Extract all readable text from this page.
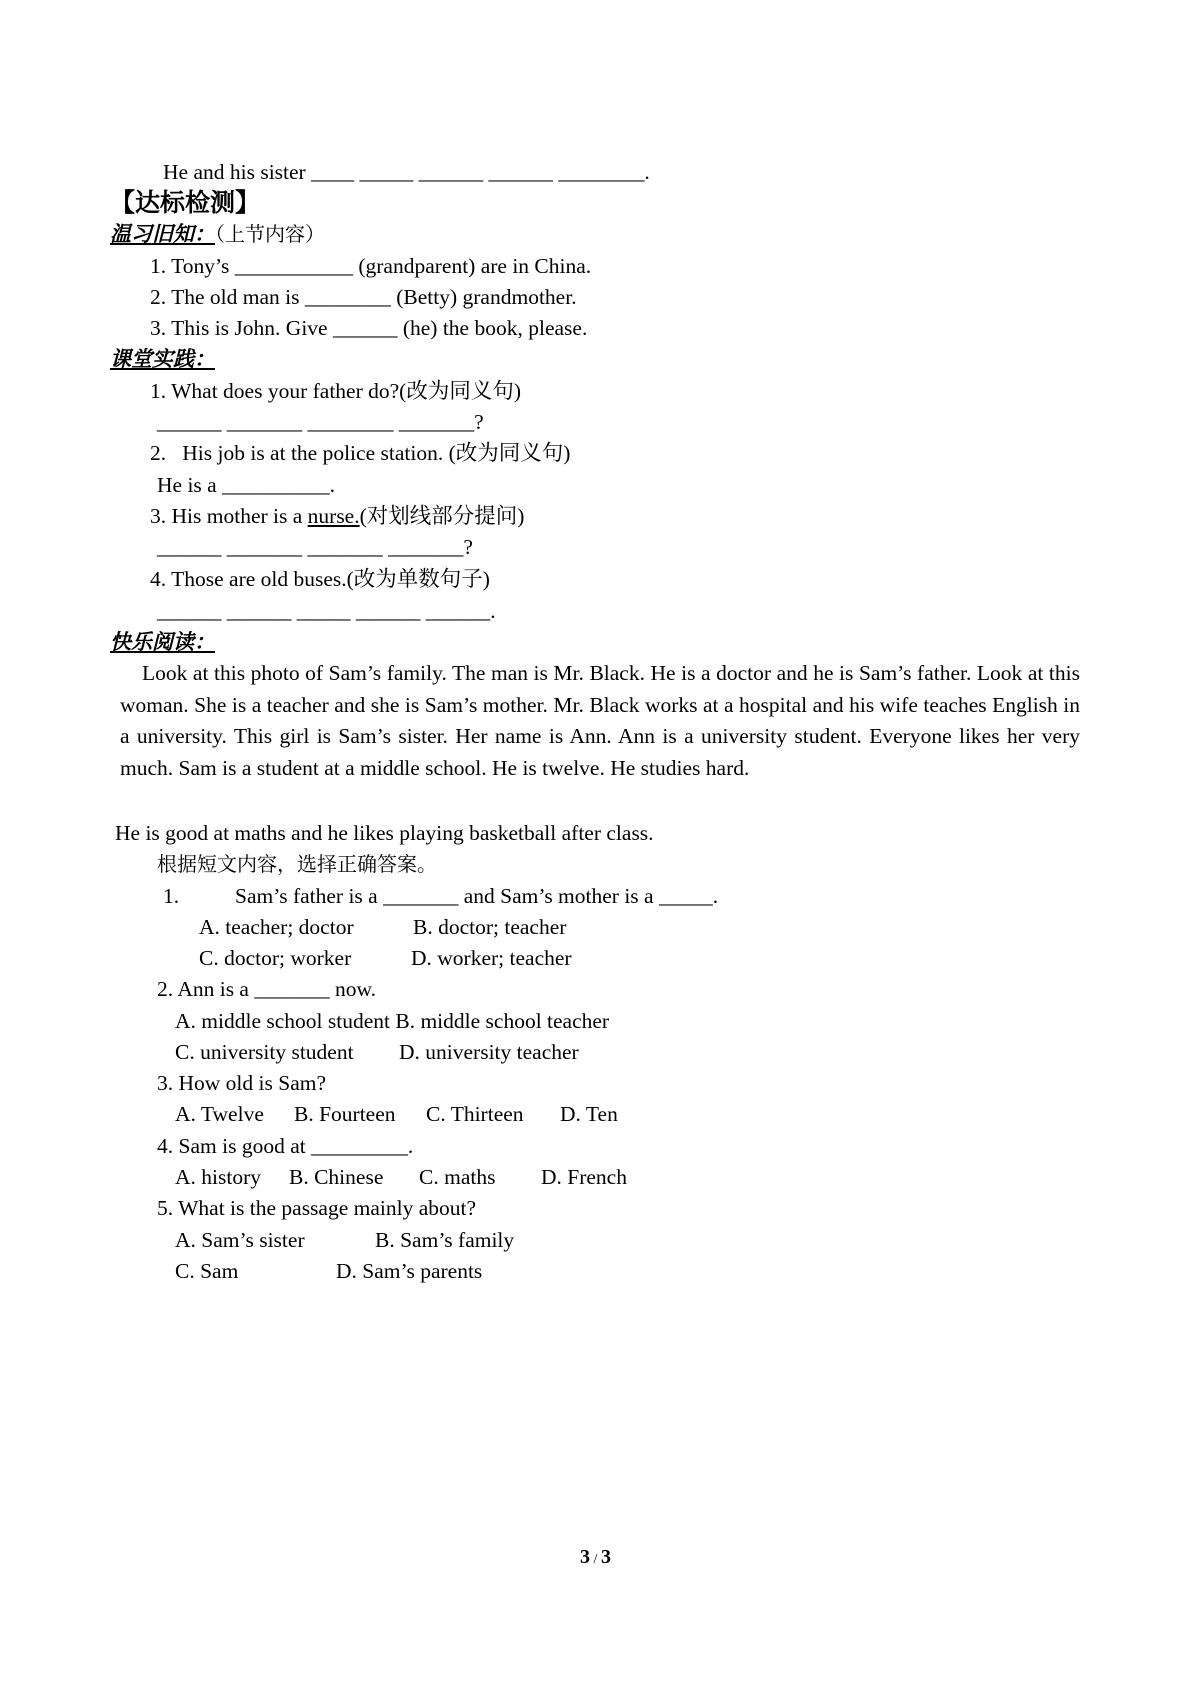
He and his sister ____ _____ ______ ______ ________.
【达标检测】
温习旧知：（上节内容）
1. Tony’s ___________ (grandparent) are in China.
2. The old man is ________ (Betty) grandmother.
3. This is John. Give ______ (he) the book, please.
课堂实践：
1. What does your father do?(改为同义句)
______ _______ ________ _______?
2.   His job is at the police station. (改为同义句)
He is a __________.
3. His mother is a nurse.(对划线部分提问)
______ _______ _______ _______?
4. Those are old buses.(改为单数句子)
______ ______ _____ ______ ______.
快乐阅读：
Look at this photo of Sam’s family. The man is Mr. Black. He is a doctor and he is Sam’s father. Look at this woman. She is a teacher and she is Sam’s mother. Mr. Black works at a hospital and his wife teaches English in a university. This girl is Sam’s sister. Her name is Ann. Ann is a university student. Everyone likes her very much. Sam is a student at a middle school. He is twelve. He studies hard.
He is good at maths and he likes playing basketball after class.
根据短文内容，选择正确答案。
1.	Sam’s father is a _______ and Sam’s mother is a _____.
A. teacher; doctor	B. doctor; teacher
C. doctor; worker	D. worker; teacher
2. Ann is a _______ now.
A. middle school student B. middle school teacher
C. university student D. university teacher
3. How old is Sam?
A. Twelve B. Fourteen C. Thirteen D. Ten
4. Sam is good at _________.
A. history B. Chinese C. maths D. French
5. What is the passage mainly about?
A. Sam’s sister	B. Sam’s family
C. Sam	D. Sam’s parents
3 / 3
